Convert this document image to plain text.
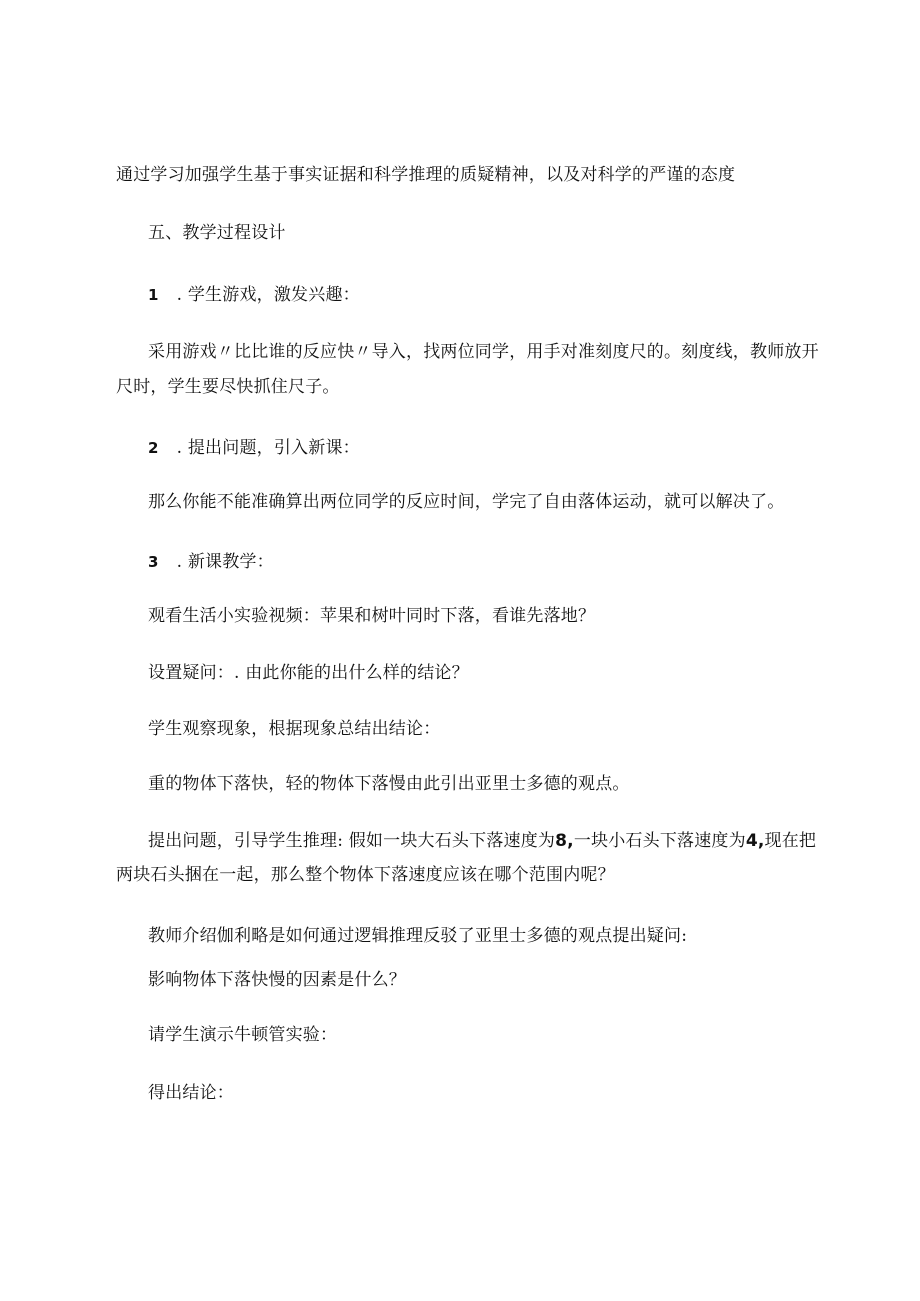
通过学习加强学生基于事实证据和科学推理的质疑精神，以及对科学的严谨的态度
五、教学过程设计
1 . 学生游戏，激发兴趣：
采用游戏〃比比谁的反应快〃导入，找两位同学，用手对准刻度尺的。刻度线，教师放开
尺时，学生要尽快抓住尺子。
2 . 提出问题，引入新课：
那么你能不能准确算出两位同学的反应时间，学完了自由落体运动，就可以解决了。
3 . 新课教学：
观看生活小实验视频：苹果和树叶同时下落，看谁先落地？
设置疑问：. 由此你能的出什么样的结论？
学生观察现象，根据现象总结出结论：
重的物体下落快，轻的物体下落慢由此引出亚里士多德的观点。
提出问题，引导学生推理: 假如一块大石头下落速度为8,一块小石头下落速度为4,现在把
两块石头捆在一起，那么整个物体下落速度应该在哪个范围内呢？
教师介绍伽利略是如何通过逻辑推理反驳了亚里士多德的观点提出疑问:
影响物体下落快慢的因素是什么？
请学生演示牛顿管实验：
得出结论：
